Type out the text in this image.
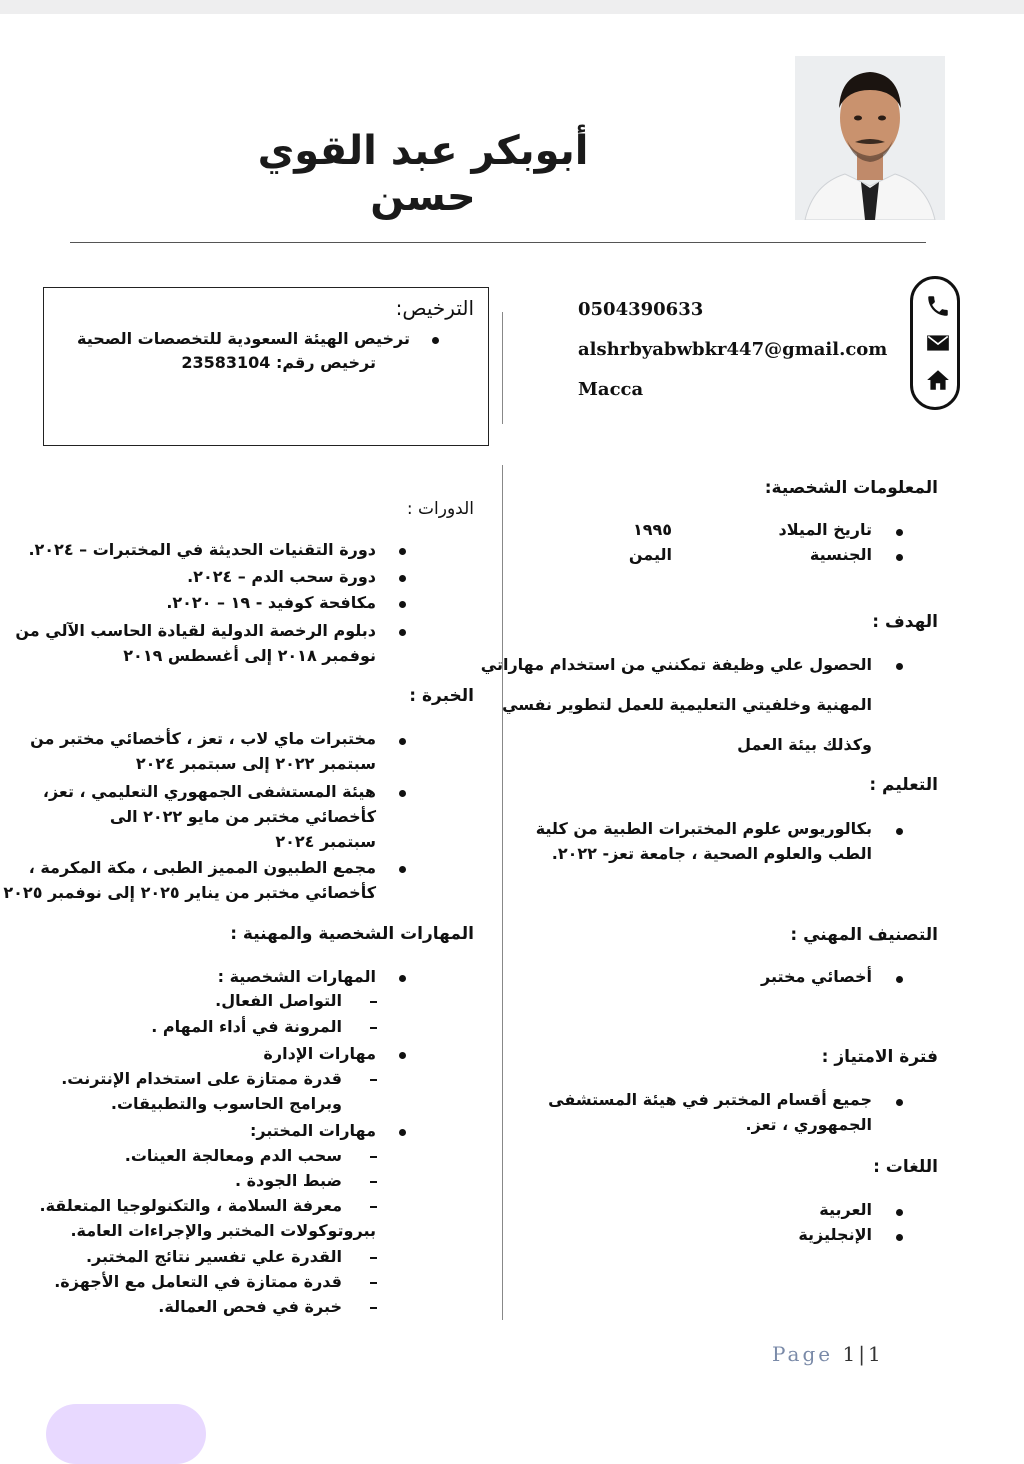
أبوبكر عبد القوي حسن
0504390633
alshrbyabwbkr447@gmail.com
Macca
الترخيص:
ترخيص الهيئة السعودية للتخصصات الصحية
ترخيص رقم: 23583104
المعلومات الشخصية:
تاريخ الميلاد
١٩٩٥
الجنسية
اليمن
الهدف :
الحصول علي وظيفة تمكنني من استخدام مهاراتي
المهنية وخلفيتي التعليمية للعمل لتطوير نفسي
وكذلك بيئة العمل
التعليم :
بكالوريوس علوم المختبرات الطبية من كلية
الطب والعلوم الصحية ، جامعة تعز- ٢٠٢٢.
التصنيف المهني :
أخصائي مختبر
فترة الامتياز :
جميع أقسام المختبر في هيئة المستشفى
الجمهوري ، تعز.
اللغات :
العربية
الإنجليزية
الدورات :
دورة التقنيات الحديثة في المختبرات – ٢٠٢٤.
دورة سحب الدم – ٢٠٢٤.
مكافحة كوفيد - ١٩ – ٢٠٢٠.
دبلوم الرخصة الدولية لقيادة الحاسب الآلي من
نوفمبر ٢٠١٨ إلى أغسطس ٢٠١٩
الخبرة :
مختبرات ماي لاب ، تعز ، كأخصائي مختبر من
سبتمبر ٢٠٢٢ إلى سبتمبر ٢٠٢٤
هيئة المستشفى الجمهوري التعليمي ، تعز،
كأخصائي مختبر من مايو ٢٠٢٢ الى
سبتمبر ٢٠٢٤
مجمع الطبيون المميز الطبى ، مكة المكرمة ،
كأخصائي مختبر من يناير ٢٠٢٥ إلى نوفمبر ٢٠٢٥
المهارات الشخصية والمهنية :
المهارات الشخصية :
التواصل الفعال.
المرونة في أداء المهام .
مهارات الإدارة
قدرة ممتازة على استخدام الإنترنت.
وبرامج الحاسوب والتطبيقات.
مهارات المختبر:
سحب الدم ومعالجة العينات.
ضبط الجودة .
معرفة السلامة ، والتكنولوجيا المتعلقة.
ببروتوكولات المختبر والإجراءات العامة.
القدرة علي تفسير نتائج المختبر.
قدرة ممتازة في التعامل مع الأجهزة.
خبرة في فحص العمالة.
Page 1|1
